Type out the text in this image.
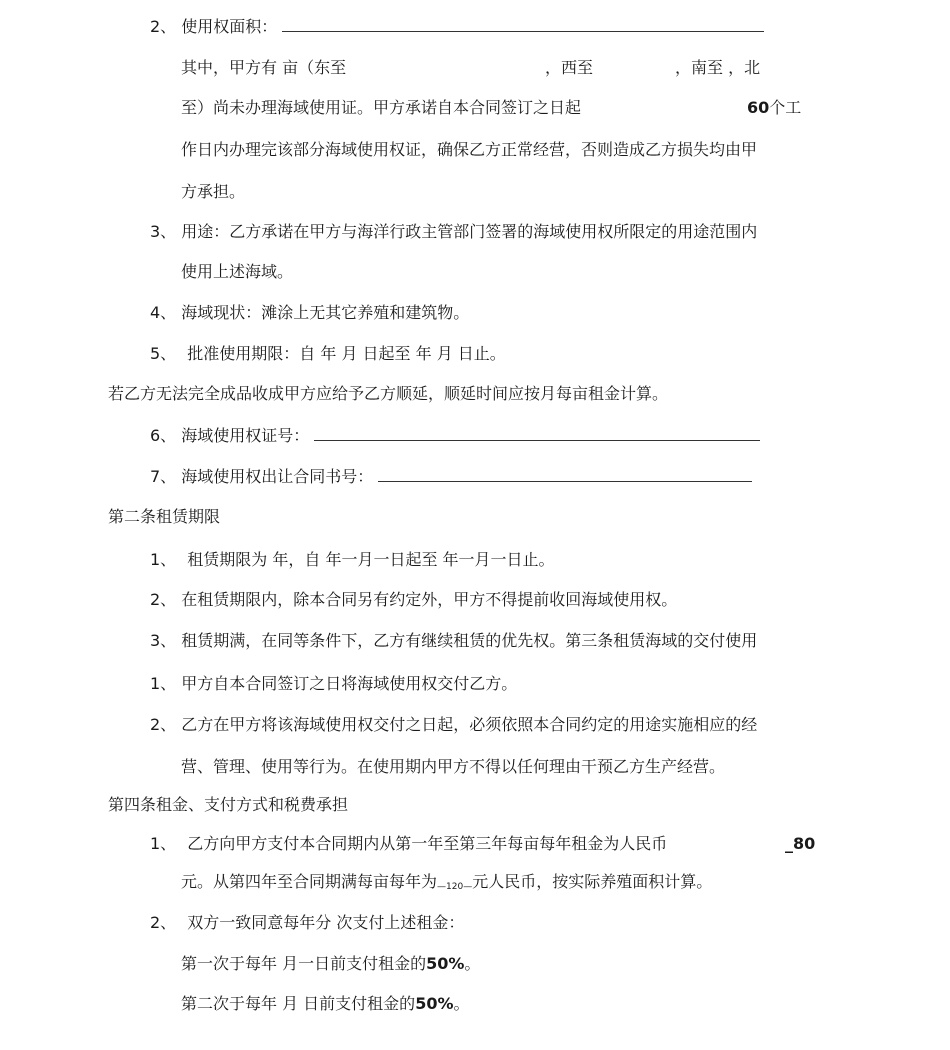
2、 使用权面积：
其中，甲方有 亩（东至	，西至	，南至 ，北
至）尚未办理海域使用证。甲方承诺自本合同签订之日起	60个工
作日内办理完该部分海域使用权证，确保乙方正常经营，否则造成乙方损失均由甲
方承担。
3、 用途：乙方承诺在甲方与海洋行政主管部门签署的海域使用权所限定的用途范围内
使用上述海域。
4、 海域现状：滩涂上无其它养殖和建筑物。
5、 批准使用期限：自 年 月 日起至 年 月 日止。
若乙方无法完全成品收成甲方应给予乙方顺延，顺延时间应按月每亩租金计算。
6、 海域使用权证号：
7、 海域使用权出让合同书号：
第二条租赁期限
1、 租赁期限为 年，自 年一月一日起至 年一月一日止。
2、 在租赁期限内，除本合同另有约定外，甲方不得提前收回海域使用权。
3、 租赁期满，在同等条件下，乙方有继续租赁的优先权。第三条租赁海域的交付使用
1、 甲方自本合同签订之日将海域使用权交付乙方。
2、 乙方在甲方将该海域使用权交付之日起，必须依照本合同约定的用途实施相应的经
营、管理、使用等行为。在使用期内甲方不得以任何理由干预乙方生产经营。
第四条租金、支付方式和税费承担
1、 乙方向甲方支付本合同期内从第一年至第三年每亩每年租金为人民币	_80
元。从第四年至合同期满每亩每年为—120—元人民币，按实际养殖面积计算。
2、 双方一致同意每年分 次支付上述租金：
第一次于每年 月一日前支付租金的50%。
第二次于每年 月 日前支付租金的50%。
